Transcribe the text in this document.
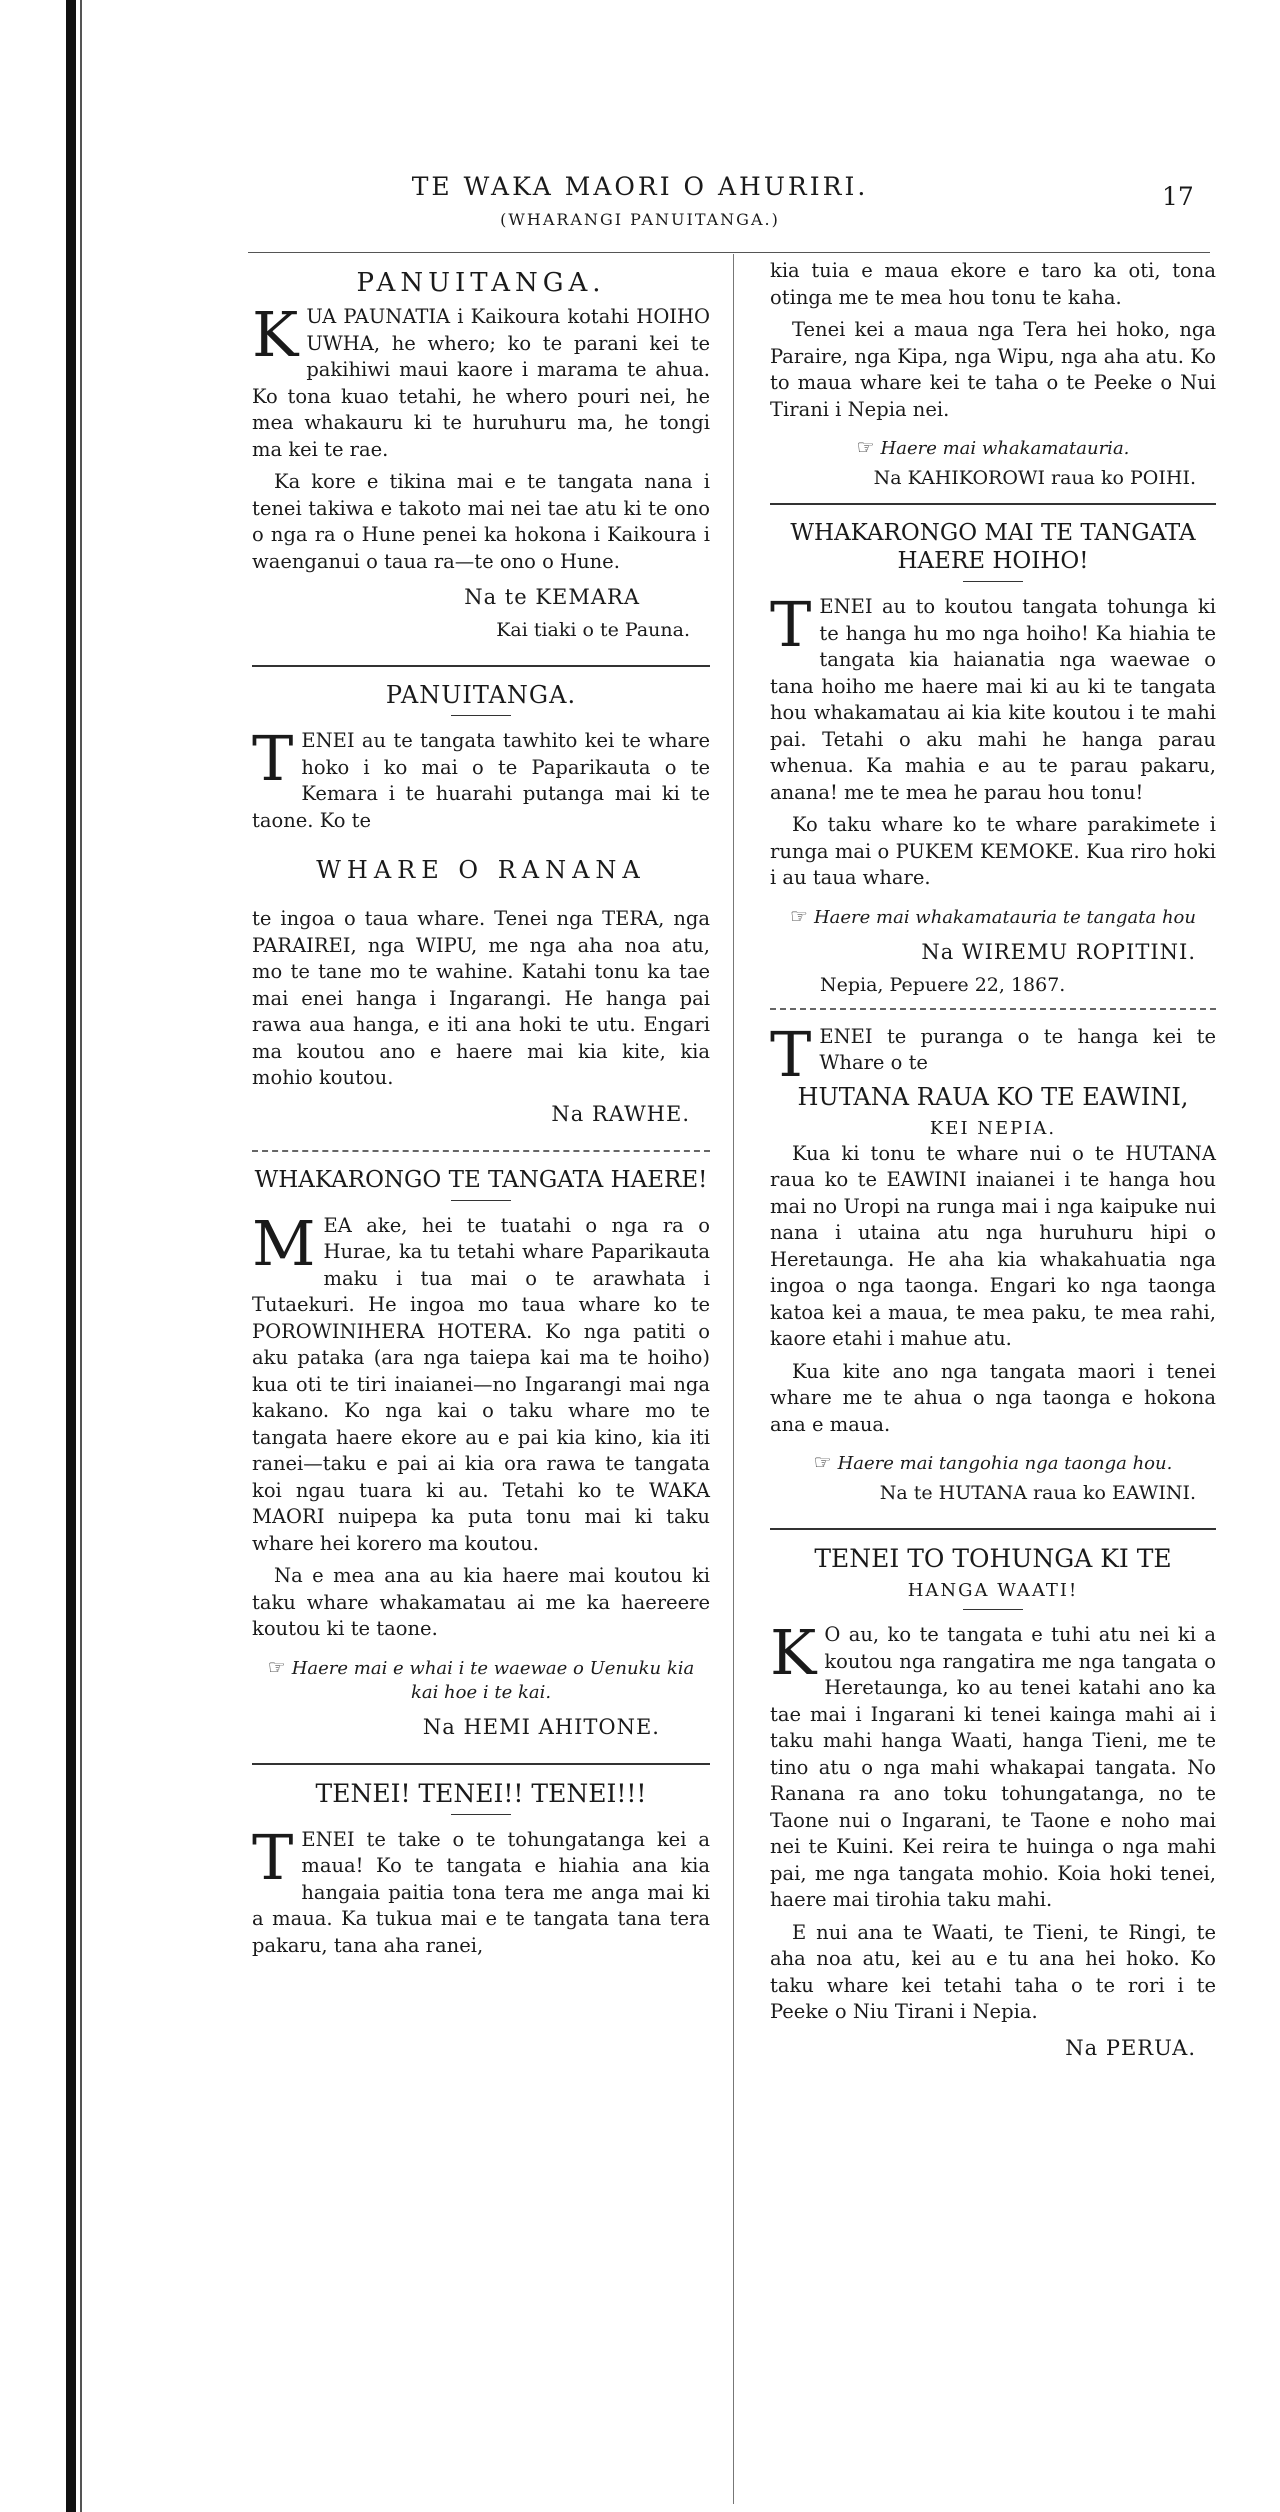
TE WAKA MAORI O AHURIRI.
(WHARANGI PANUITANGA.)
17
PANUITANGA.

KUA PAUNATIA i Kaikoura kotahi HOIHO UWHA, he whero; ko te parani kei te pakihiwi maui kaore i marama te ahua. Ko tona kuao tetahi, he whero pouri nei, he mea whakauru ki te huruhuru ma, he tongi ma kei te rae.

Ka kore e tikina mai e te tangata nana i tenei takiwa e takoto mai nei tae atu ki te ono o nga ra o Hune penei ka hokona i Kaikoura i waenganui o taua ra—te ono o Hune.

Na te KEMARA
Kai tiaki o te Pauna.
PANUITANGA.

TENEI au te tangata tawhito kei te whare hoko i ko mai o te Paparikauta o te Kemara i te huarahi putanga mai ki te taone. Ko te

WHARE O RANANA

te ingoa o taua whare. Tenei nga TERA, nga PARAIREI, nga WIPU, me nga aha noa atu, mo te tane mo te wahine. Katahi tonu ka tae mai enei hanga i Ingarangi. He hanga pai rawa aua hanga, e iti ana hoki te utu. Engari ma koutou ano e haere mai kia kite, kia mohio koutou.

Na RAWHE.
WHAKARONGO TE TANGATA HAERE!

MEA ake, hei te tuatahi o nga ra o Hurae, ka tu tetahi whare Paparikauta maku i tua mai o te arawhata i Tutaekuri. He ingoa mo taua whare ko te POROWINIHERA HOTERA. Ko nga patiti o aku pataka (ara nga taiepa kai ma te hoiho) kua oti te tiri inaianei—no Ingarangi mai nga kakano. Ko nga kai o taku whare mo te tangata haere ekore au e pai kia kino, kia iti ranei—taku e pai ai kia ora rawa te tangata koi ngau tuara ki au. Tetahi ko te WAKA MAORI nuipepa ka puta tonu mai ki taku whare hei korero ma koutou.

Na e mea ana au kia haere mai koutou ki taku whare whakamatau ai me ka haereere koutou ki te taone.

☞ Haere mai e whai i te waewae o Uenuku kia kai hoe i te kai.
Na HEMI AHITONE.
TENEI! TENEI!! TENEI!!!

TENEI te take o te tohungatanga kei a maua! Ko te tangata e hiahia ana kia hangaia paitia tona tera me anga mai ki a maua. Ka tukua mai e te tangata tana tera pakaru, tana aha ranei,

kia tuia e maua ekore e taro ka oti, tona otinga me te mea hou tonu te kaha.

Tenei kei a maua nga Tera hei hoko, nga Paraire, nga Kipa, nga Wipu, nga aha atu. Ko to maua whare kei te taha o te Peeke o Nui Tirani i Nepia nei.

☞ Haere mai whakamatauria.
Na KAHIKOROWI raua ko POIHI.
WHAKARONGO MAI TE TANGATA HAERE HOIHO!

TENEI au to koutou tangata tohunga ki te hanga hu mo nga hoiho! Ka hiahia te tangata kia haianatia nga waewae o tana hoiho me haere mai ki au ki te tangata hou whakamatau ai kia kite koutou i te mahi pai. Tetahi o aku mahi he hanga parau whenua. Ka mahia e au te parau pakaru, anana! me te mea he parau hou tonu!

Ko taku whare ko te whare parakimete i runga mai o PUKEM KEMOKE. Kua riro hoki i au taua whare.

☞ Haere mai whakamatauria te tangata hou
Na WIREMU ROPITINI.
Nepia, Pepuere 22, 1867.

TENEI te puranga o te hanga kei te Whare o te

HUTANA RAUA KO TE EAWINI,
KEI NEPIA.

Kua ki tonu te whare nui o te HUTANA raua ko te EAWINI inaianei i te hanga hou mai no Uropi na runga mai i nga kaipuke nui nana i utaina atu nga huruhuru hipi o Heretaunga. He aha kia whakahuatia nga ingoa o nga taonga. Engari ko nga taonga katoa kei a maua, te mea paku, te mea rahi, kaore etahi i mahue atu.

Kua kite ano nga tangata maori i tenei whare me te ahua o nga taonga e hokona ana e maua.

☞ Haere mai tangohia nga taonga hou.
Na te HUTANA raua ko EAWINI.
TENEI TO TOHUNGA KI TE
HANGA WAATI!

K O au, ko te tangata e tuhi atu nei ki a koutou nga rangatira me nga tangata o Heretaunga, ko au tenei katahi ano ka tae mai i Ingarani ki tenei kainga mahi ai i taku mahi hanga Waati, hanga Tieni, me te tino atu o nga mahi whakapai tangata. No Ranana ra ano toku tohungatanga, no te Taone nui o Ingarani, te Taone e noho mai nei te Kuini. Kei reira te huinga o nga mahi pai, me nga tangata mohio. Koia hoki tenei, haere mai tirohia taku mahi.

E nui ana te Waati, te Tieni, te Ringi, te aha noa atu, kei au e tu ana hei hoko. Ko taku whare kei tetahi taha o te rori i te Peeke o Niu Tirani i Nepia.

Na PERUA.
